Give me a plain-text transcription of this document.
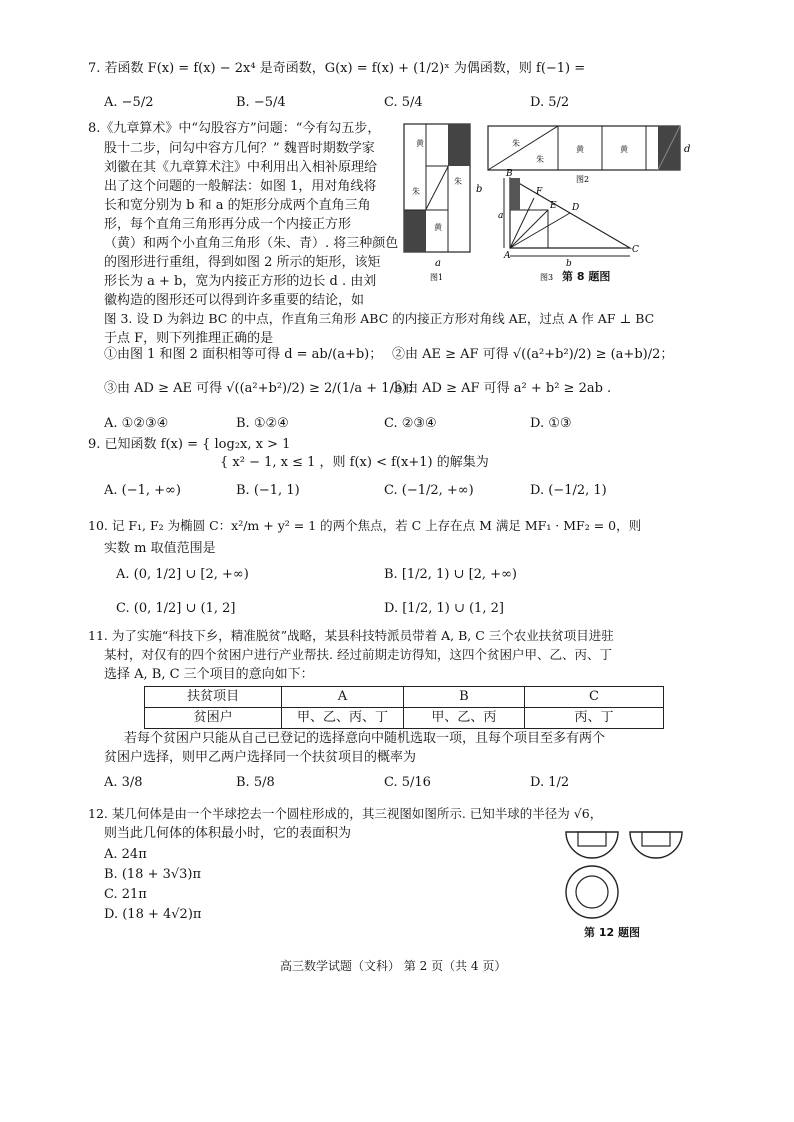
7. 若函数 F(x) = f(x) − 2x⁴ 是奇函数，G(x) = f(x) + (1/2)ˣ 为偶函数，则 f(−1) =
A. −5/2	B. −5/4	C. 5/4	D. 5/2
8.《九章算术》中“勾股容方”问题：“今有勾五步，
股十二步，问勾中容方几何？” 魏晋时期数学家
刘徽在其《九章算术注》中利用出入相补原理给
出了这个问题的一般解法：如图 1，用对角线将
长和宽分别为 b 和 a 的矩形分成两个直角三角
形，每个直角三角形再分成一个内接正方形
（黄）和两个小直角三角形（朱、青）. 将三种颜色
的图形进行重组，得到如图 2 所示的矩形，该矩
形长为 a + b，宽为内接正方形的边长 d . 由刘
徽构造的图形还可以得到许多重要的结论，如
图 3. 设 D 为斜边 BC 的中点，作直角三角形 ABC 的内接正方形对角线 AE，过点 A 作 AF ⊥ BC
于点 F，则下列推理正确的是
黄
朱
朱
黄
b
a
图1
朱
朱
黄	黄	d
图2
B
A
C
D
E
F
a
b
图3 第 8 题图
①由图 1 和图 2 面积相等可得 d = ab/(a+b)； ②由 AE ≥ AF 可得 √((a²+b²)/2) ≥ (a+b)/2；
③由 AD ≥ AE 可得 √((a²+b²)/2) ≥ 2/(1/a + 1/b)；
④由 AD ≥ AF 可得 a² + b² ≥ 2ab .
A. ①②③④	B. ①②④	C. ②③④	D. ①③
9. 已知函数 f(x) = { log₂x, x > 1
{ x² − 1, x ≤ 1 ，则 f(x) < f(x+1) 的解集为
A. (−1, +∞)	B. (−1, 1)	C. (−1/2, +∞)	D. (−1/2, 1)
10. 记 F₁, F₂ 为椭圆 C：x²/m + y² = 1 的两个焦点，若 C 上存在点 M 满足 MF₁ · MF₂ = 0，则
实数 m 取值范围是
A. (0, 1/2] ∪ [2, +∞)	B. [1/2, 1) ∪ [2, +∞)
C. (0, 1/2] ∪ (1, 2]	D. [1/2, 1) ∪ (1, 2]
11. 为了实施“科技下乡，精准脱贫”战略，某县科技特派员带着 A, B, C 三个农业扶贫项目进驻
某村，对仅有的四个贫困户进行产业帮扶. 经过前期走访得知，这四个贫困户甲、乙、丙、丁
选择 A, B, C 三个项目的意向如下：
扶贫项目	A	B	C
贫困户	甲、乙、丙、丁	甲、乙、丙	丙、丁
若每个贫困户只能从自己已登记的选择意向中随机选取一项，且每个项目至多有两个
贫困户选择，则甲乙两户选择同一个扶贫项目的概率为
A. 3/8	B. 5/8	C. 5/16	D. 1/2
12. 某几何体是由一个半球挖去一个圆柱形成的，其三视图如图所示. 已知半球的半径为 √6，
则当此几何体的体积最小时，它的表面积为
A. 24π
B. (18 + 3√3)π
C. 21π
D. (18 + 4√2)π
第 12 题图
高三数学试题（文科） 第 2 页（共 4 页）
